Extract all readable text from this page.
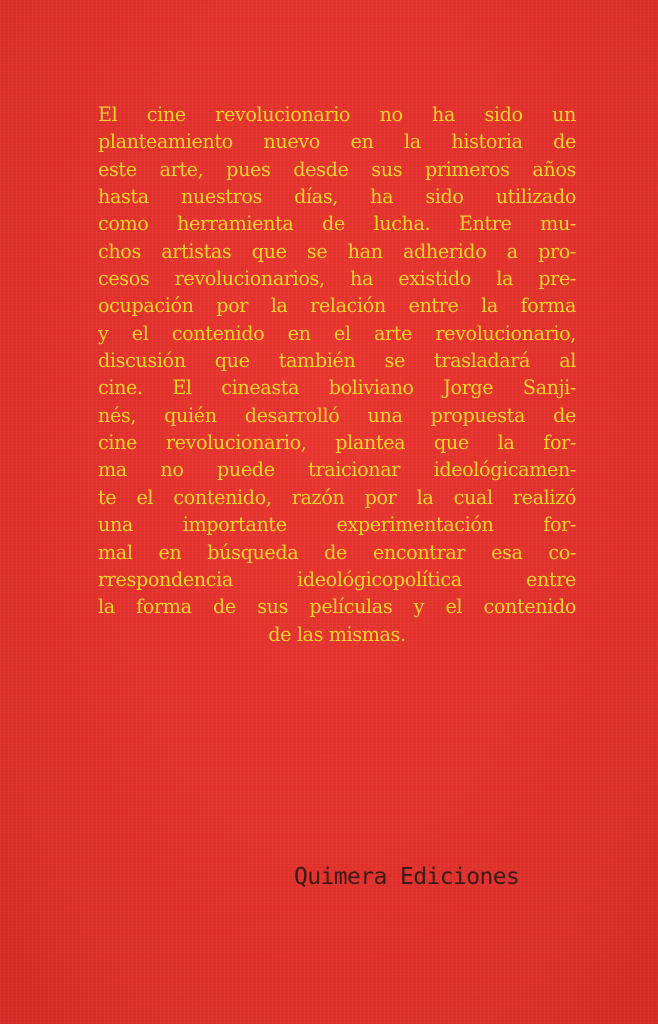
El cine revolucionario no ha sido un
planteamiento nuevo en la historia de
este arte, pues desde sus primeros años
hasta nuestros días, ha sido utilizado
como herramienta de lucha. Entre mu-
chos artistas que se han adherido a pro-
cesos revolucionarios, ha existido la pre-
ocupación por la relación entre la forma
y el contenido en el arte revolucionario,
discusión que también se trasladará al
cine. El cineasta boliviano Jorge Sanji-
nés, quién desarrolló una propuesta de
cine revolucionario, plantea que la for-
ma no puede traicionar ideológicamen-
te el contenido, razón por la cual realizó
una importante experimentación for-
mal en búsqueda de encontrar esa co-
rrespondencia ideológicopolítica entre
la forma de sus películas y el contenido
de las mismas.
Quimera Ediciones
